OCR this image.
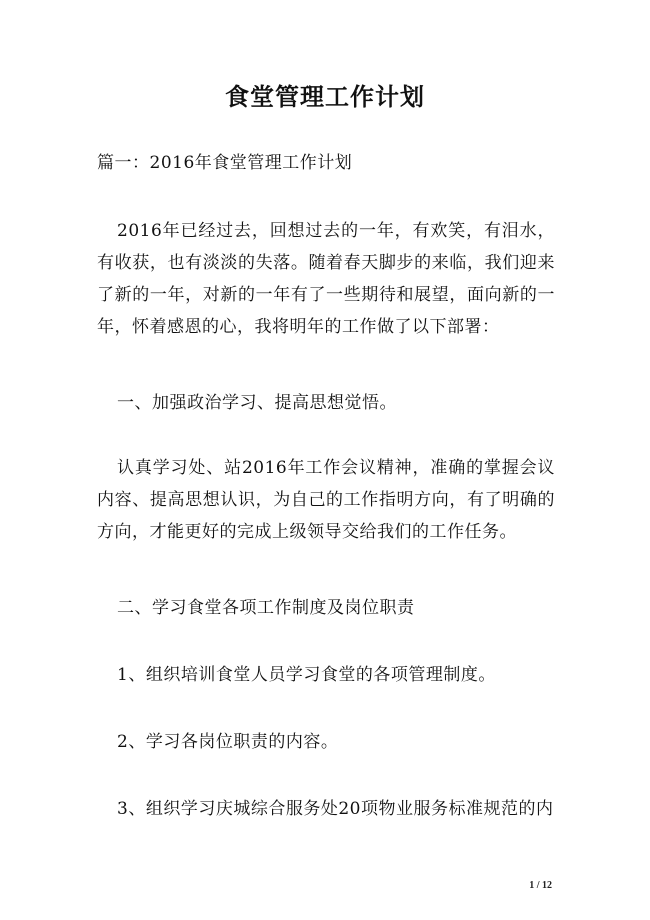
食堂管理工作计划
篇一：2016年食堂管理工作计划
2016年已经过去，回想过去的一年，有欢笑，有泪水，有收获，也有淡淡的失落。随着春天脚步的来临，我们迎来了新的一年，对新的一年有了一些期待和展望，面向新的一年，怀着感恩的心，我将明年的工作做了以下部署：
一、加强政治学习、提高思想觉悟。
认真学习处、站2016年工作会议精神，准确的掌握会议内容、提高思想认识，为自己的工作指明方向，有了明确的方向，才能更好的完成上级领导交给我们的工作任务。
二、学习食堂各项工作制度及岗位职责
1、组织培训食堂人员学习食堂的各项管理制度。
2、学习各岗位职责的内容。
3、组织学习庆城综合服务处20项物业服务标准规范的内
1 / 12
